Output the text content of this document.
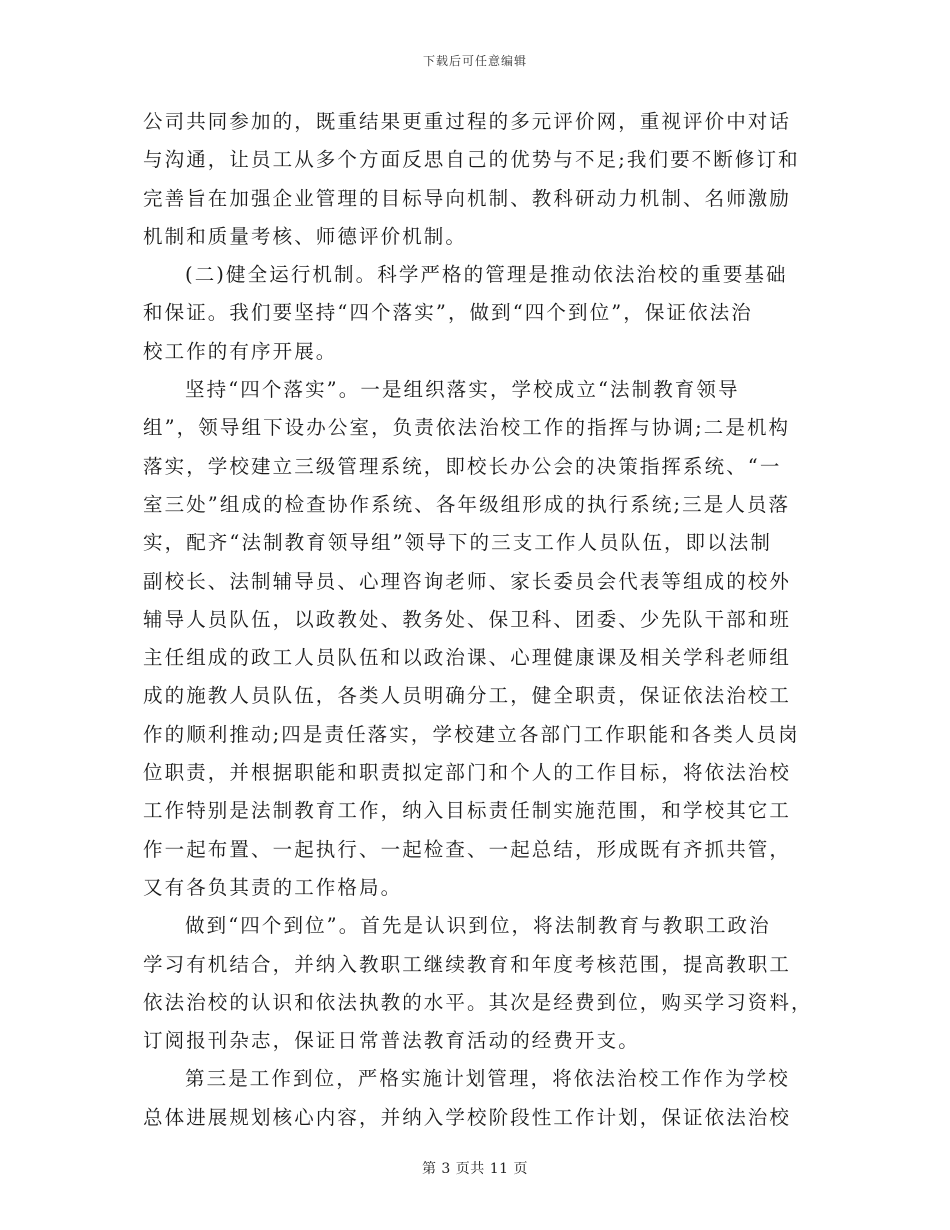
下载后可任意编辑
公司共同参加的，既重结果更重过程的多元评价网，重视评价中对话
与沟通，让员工从多个方面反思自己的优势与不足;我们要不断修订和
完善旨在加强企业管理的目标导向机制、教科研动力机制、名师激励
机制和质量考核、师德评价机制。
(二)健全运行机制。科学严格的管理是推动依法治校的重要基础
和保证。我们要坚持“四个落实”，做到“四个到位”，保证依法治
校工作的有序开展。
坚持“四个落实”。一是组织落实，学校成立“法制教育领导
组”，领导组下设办公室，负责依法治校工作的指挥与协调;二是机构
落实，学校建立三级管理系统，即校长办公会的决策指挥系统、“一
室三处”组成的检查协作系统、各年级组形成的执行系统;三是人员落
实，配齐“法制教育领导组”领导下的三支工作人员队伍，即以法制
副校长、法制辅导员、心理咨询老师、家长委员会代表等组成的校外
辅导人员队伍，以政教处、教务处、保卫科、团委、少先队干部和班
主任组成的政工人员队伍和以政治课、心理健康课及相关学科老师组
成的施教人员队伍，各类人员明确分工，健全职责，保证依法治校工
作的顺利推动;四是责任落实，学校建立各部门工作职能和各类人员岗
位职责，并根据职能和职责拟定部门和个人的工作目标，将依法治校
工作特别是法制教育工作，纳入目标责任制实施范围，和学校其它工
作一起布置、一起执行、一起检查、一起总结，形成既有齐抓共管，
又有各负其责的工作格局。
做到“四个到位”。首先是认识到位，将法制教育与教职工政治
学习有机结合，并纳入教职工继续教育和年度考核范围，提高教职工
依法治校的认识和依法执教的水平。其次是经费到位，购买学习资料，
订阅报刊杂志，保证日常普法教育活动的经费开支。
第三是工作到位，严格实施计划管理，将依法治校工作作为学校
总体进展规划核心内容，并纳入学校阶段性工作计划，保证依法治校
第 3 页共 11 页
